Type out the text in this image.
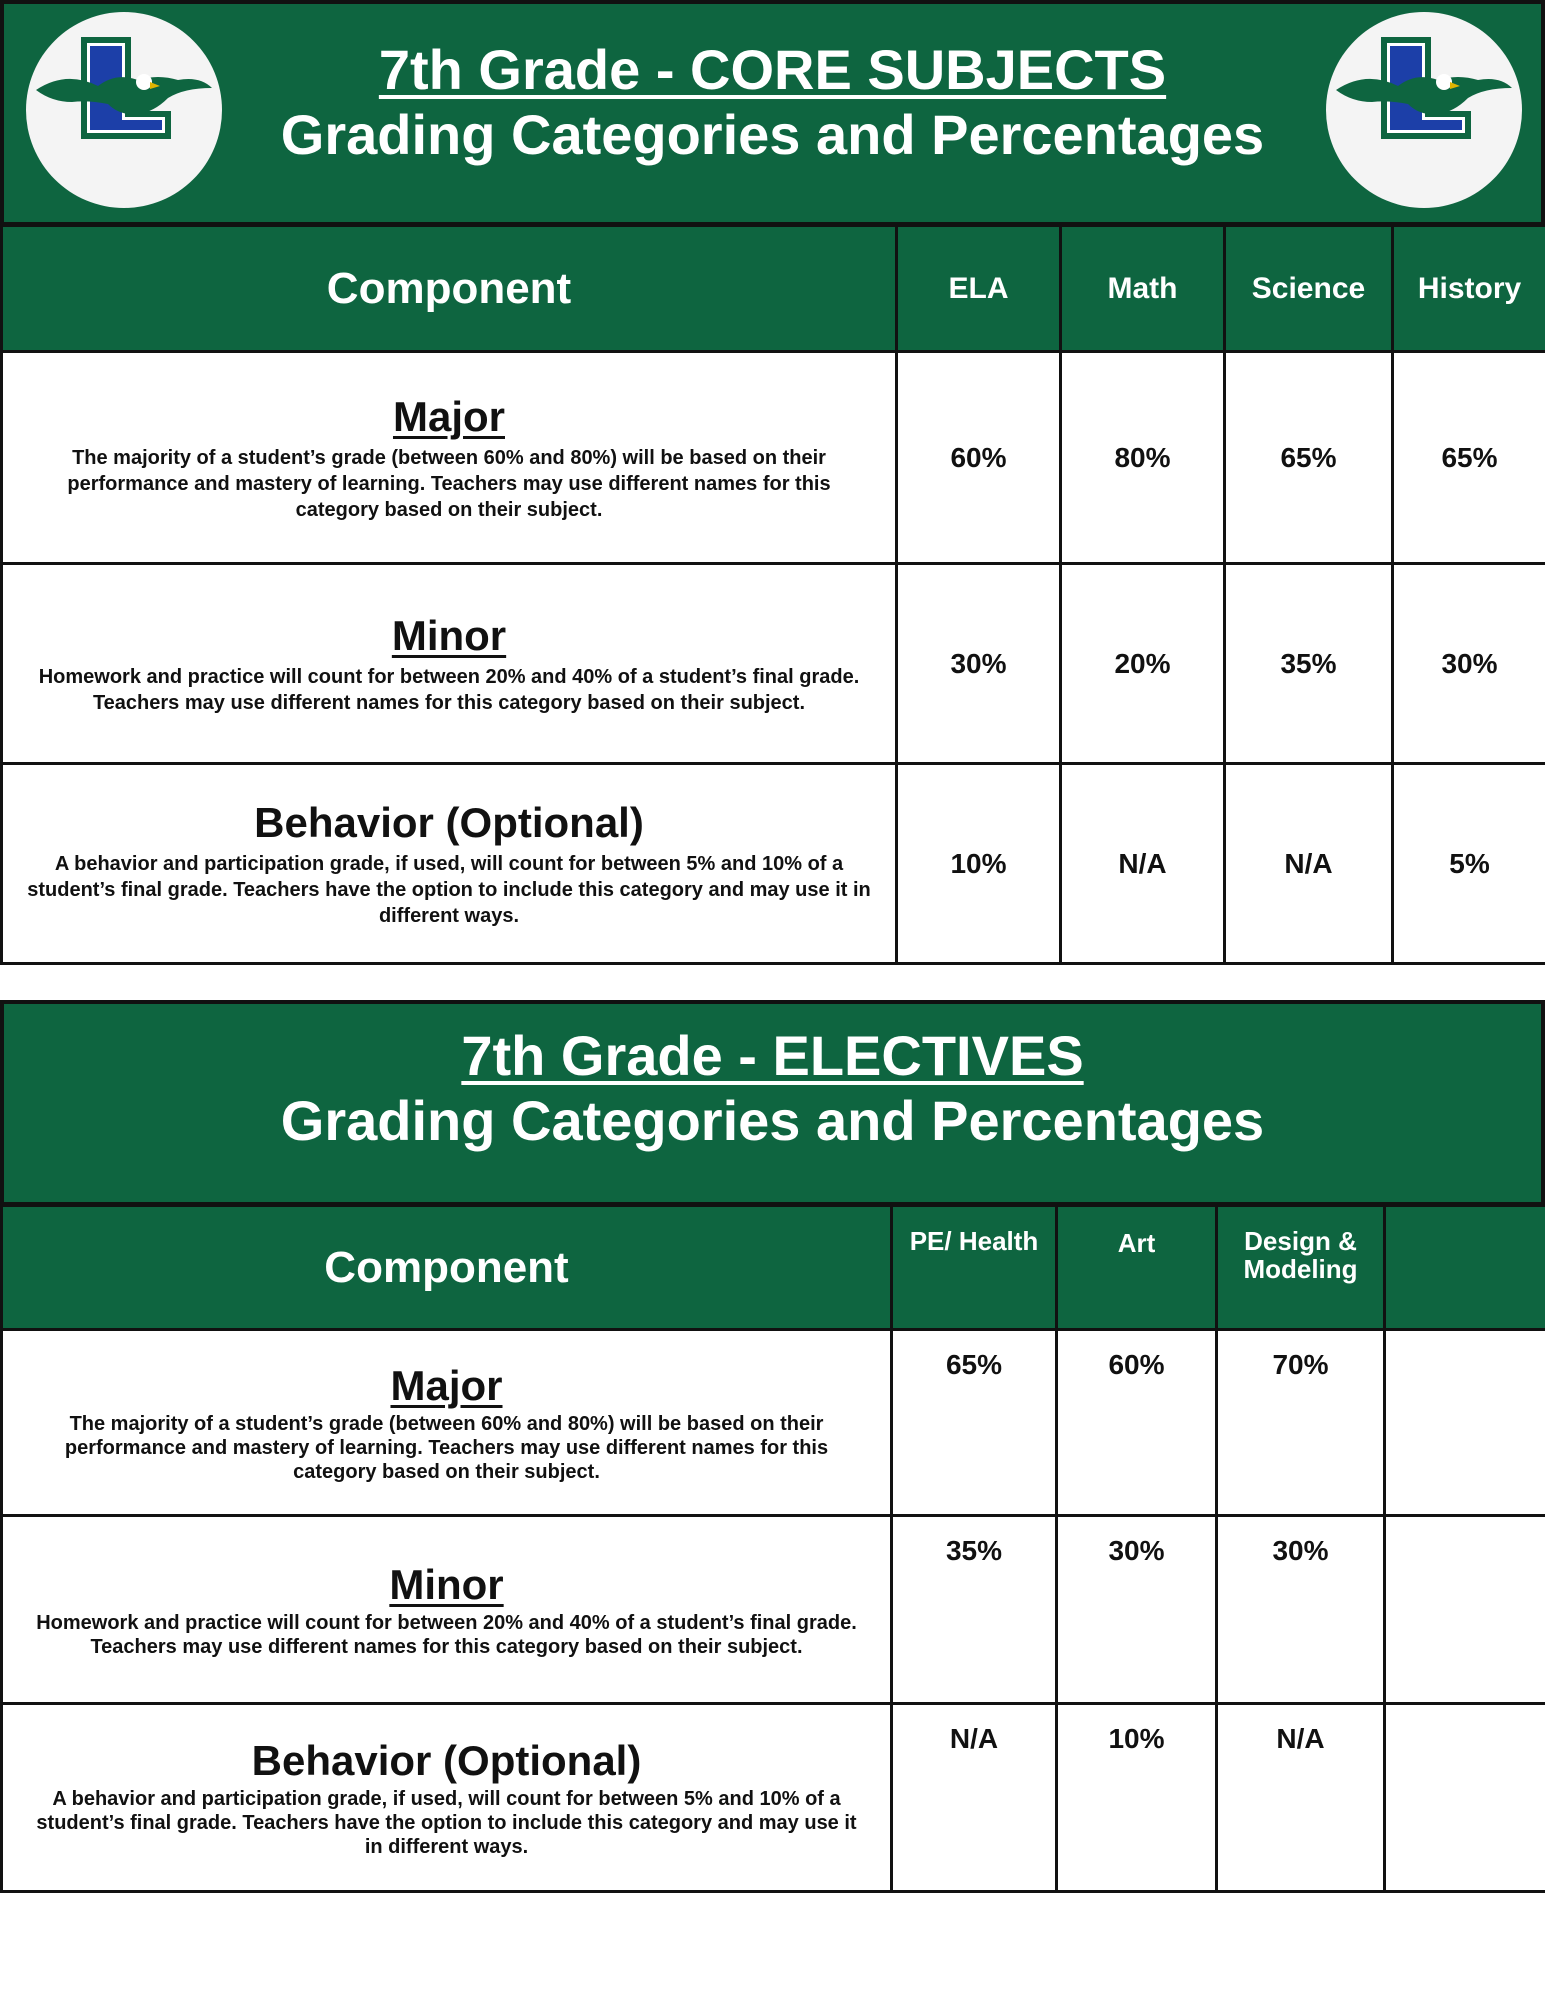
7th Grade - CORE SUBJECTS
Grading Categories and Percentages
Component	ELA	Math	Science	History

Major
The majority of a student’s grade (between 60% and 80%) will be based on their performance and mastery of learning. Teachers may use different names for this category based on their subject.	60%	80%	65%	65%

Minor
Homework and practice will count for between 20% and 40% of a student’s final grade. Teachers may use different names for this category based on their subject.	30%	20%	35%	30%

Behavior (Optional)
A behavior and participation grade, if used, will count for between 5% and 10% of a student’s final grade. Teachers have the option to include this category and may use it in different ways.	10%	N/A	N/A	5%
7th Grade - ELECTIVES
Grading Categories and Percentages
Component	PE/ Health	Art	Design & Modeling	

Major
The majority of a student’s grade (between 60% and 80%) will be based on their performance and mastery of learning. Teachers may use different names for this category based on their subject.	65%	60%	70%	

Minor
Homework and practice will count for between 20% and 40% of a student’s final grade. Teachers may use different names for this category based on their subject.	35%	30%	30%	

Behavior (Optional)
A behavior and participation grade, if used, will count for between 5% and 10% of a student’s final grade. Teachers have the option to include this category and may use it in different ways.	N/A	10%	N/A	
